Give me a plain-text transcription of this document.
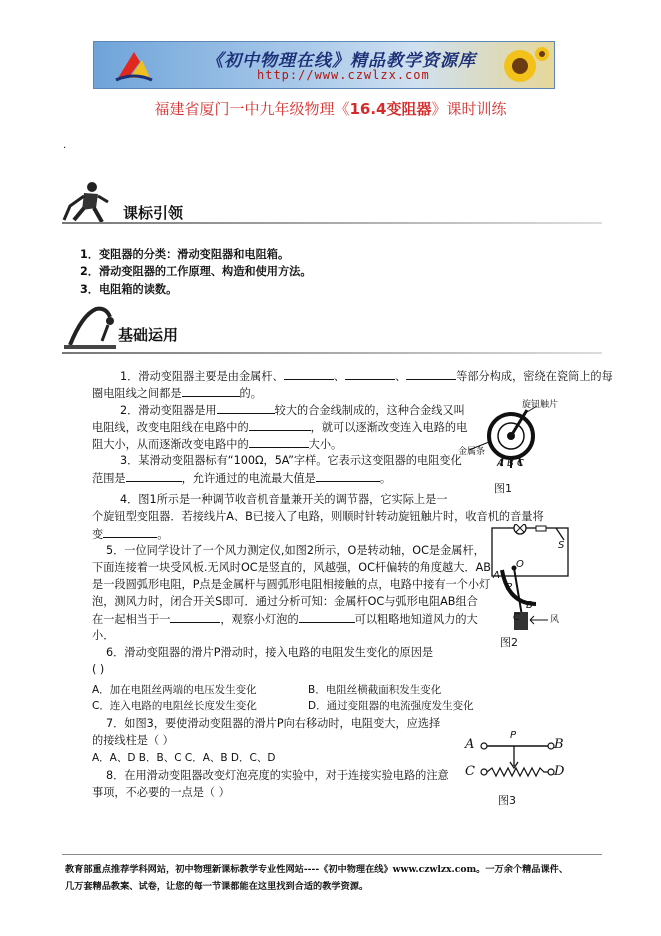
《初中物理在线》精品教学资源库
http://www.czwlzx.com
福建省厦门一中九年级物理《16.4变阻器》课时训练
.
课标引领
1．变阻器的分类：滑动变阻器和电阻箱。
2．滑动变阻器的工作原理、构造和使用方法。
3．电阻箱的读数。
基础运用
1．滑动变阻器主要是由金属杆、	、	、	等部分构成，密绕在瓷筒上的每
圈电阻线之间都是	的。
2．滑动变阻器是用	较大的合金线制成的，这种合金线又叫
电阻线，改变电阻线在电路中的	，就可以逐渐改变连入电路的电
阻大小，从而逐渐改变电路中的	大小。
3．某滑动变阻器标有“100Ω，5A”字样。它表示这变阻器的电阻变化
范围是	，允许通过的电流最大值是	。
旋钮触片
金属条
A B C
图1
4．图1所示是一种调节收音机音量兼开关的调节器，它实际上是一
个旋钮型变阻器．若接线片A、B已接入了电路，则顺时针转动旋钮触片时，收音机的音量将
变	。
5．一位同学设计了一个风力测定仪,如图2所示，O是转动轴，OC是金属杆，
下面连接着一块受风板.无风时OC是竖直的，风越强，OC杆偏转的角度越大．AB
是一段圆弧形电阻，P点是金属杆与圆弧形电阻相接触的点，电路中接有一个小灯
泡，测风力时，闭合开关S即可．通过分析可知：金属杆OC与弧形电阻AB组合
在一起相当于一	，观察小灯泡的	可以粗略地知道风力的大
小．
S
A
P
B
O
C	风
图2
6．滑动变阻器的滑片P滑动时，接入电路的电阻发生变化的原因是
( )
A．加在电阻丝两端的电压发生变化	B．电阻丝横截面积发生变化
C．连入电路的电阻丝长度发生变化	D．通过变阻器的电流强度发生变化
7．如图3，要使滑动变阻器的滑片P向右移动时，电阻变大，应选择
的接线柱是（ ）
A．A、D B．B、C C．A、B D．C、D
A	B
C	D
P
图3
8．在用滑动变阻器改变灯泡亮度的实验中，对于连接实验电路的注意
事项，不必要的一点是（ ）
教育部重点推荐学科网站，初中物理新课标教学专业性网站----《初中物理在线》www.czwlzx.com。一万余个精品课件、
几万套精品教案、试卷，让您的每一节课都能在这里找到合适的教学资源。
